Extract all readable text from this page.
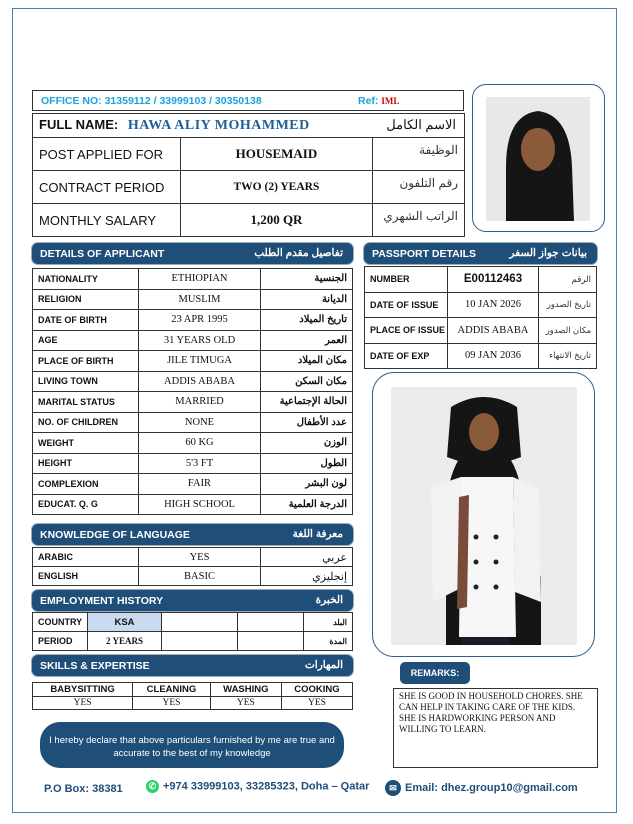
OFFICE NO: 31359112 / 33999103 / 30350138	Ref: IML
FULL NAME: HAWA ALIY MOHAMMED الاسم الكامل		

POST APPLIED FOR	HOUSEMAID	الوظيفة
CONTRACT PERIOD	TWO (2) YEARS	رقم التلفون
MONTHLY SALARY	1,200 QR	الراتب الشهري
DETAILS OF APPLICANT	تفاصيل مقدم الطلب
NATIONALITY	ETHIOPIAN	الجنسية
RELIGION	MUSLIM	الديانة
DATE OF BIRTH	23 APR 1995	تاريخ الميلاد
AGE	31 YEARS OLD	العمر
PLACE OF BIRTH	JILE TIMUGA	مكان الميلاد
LIVING TOWN	ADDIS ABABA	مكان السكن
MARITAL STATUS	MARRIED	الحالة الإجتماعية
NO. OF CHILDREN	NONE	عدد الأطفال
WEIGHT	60 KG	الوزن
HEIGHT	5'3 FT	الطول
COMPLEXION	FAIR	لون البشر
EDUCAT. Q. G	HIGH SCHOOL	الدرجة العلمية
PASSPORT DETAILS	بيانات جواز السفر
NUMBER	E00112463	الرقم
DATE OF ISSUE	10 JAN 2026	تاريخ الصدور
PLACE OF ISSUE	ADDIS ABABA	مكان الصدور
DATE OF EXP	09 JAN 2036	تاريخ الانتهاء
KNOWLEDGE OF LANGUAGE	معرفة اللغة
ARABIC	YES	عربي
ENGLISH	BASIC	إنجليزي
EMPLOYMENT HISTORY	الخبرة
COUNTRY	KSA			البلد
PERIOD	2 YEARS			المدة
SKILLS & EXPERTISE	المهارات
BABYSITTING	CLEANING	WASHING	COOKING
YES	YES	YES	YES
REMARKS:
SHE IS GOOD IN HOUSEHOLD CHORES. SHE CAN HELP IN TAKING CARE OF THE KIDS. SHE IS HARDWORKING PERSON AND WILLING TO LEARN.
I hereby declare that above particulars furnished by me are true and accurate to the best of my knowledge
P.O Box: 38381	✆ +974 33999103, 33285323, Doha – Qatar	✉ Email: dhez.group10@gmail.com
